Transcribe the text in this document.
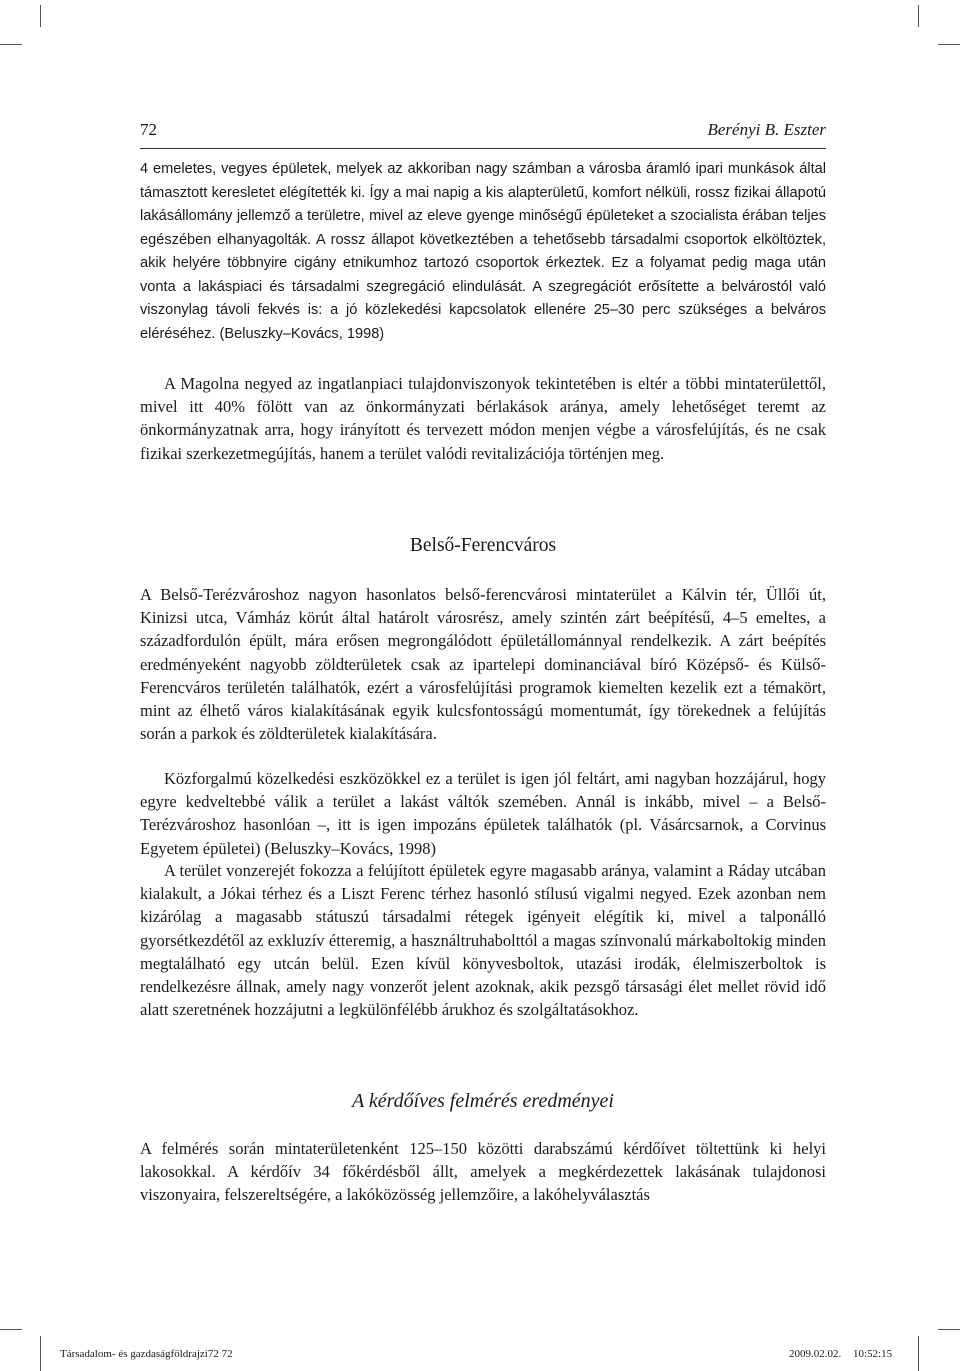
72	Berényi B. Eszter

4 emeletes, vegyes épületek, melyek az akkoriban nagy számban a városba áramló ipari munkások által támasztott keresletet elégítették ki. Így a mai napig a kis alapterületű, komfort nélküli, rossz fizikai állapotú lakásállomány jellemző a területre, mivel az eleve gyenge minőségű épületeket a szocialista érában teljes egészében elhanyagolták. A rossz állapot következtében a tehetősebb társadalmi csoportok elköltöztek, akik helyére többnyire cigány etnikumhoz tartozó csoportok érkeztek. Ez a folyamat pedig maga után vonta a lakáspiaci és társadalmi szegregáció elindulását. A szegregációt erősítette a belvárostól való viszonylag távoli fekvés is: a jó közlekedési kapcsolatok ellenére 25–30 perc szükséges a belváros eléréséhez. (Beluszky–Kovács, 1998)

A Magolna negyed az ingatlanpiaci tulajdonviszonyok tekintetében is eltér a többi mintaterülettől, mivel itt 40% fölött van az önkormányzati bérlakások aránya, amely lehetőséget teremt az önkormányzatnak arra, hogy irányított és tervezett módon menjen végbe a városfelújítás, és ne csak fizikai szerkezetmegújítás, hanem a terület valódi revitalizációja történjen meg.

Belső-Ferencváros

A Belső-Terézvároshoz nagyon hasonlatos belső-ferencvárosi mintaterület a Kálvin tér, Üllői út, Kinizsi utca, Vámház körút által határolt városrész, amely szintén zárt beépítésű, 4–5 emeltes, a századfordulón épült, mára erősen megrongálódott épületállománnyal rendelkezik. A zárt beépítés eredményeként nagyobb zöldterületek csak az ipartelepi dominanciával bíró Középső- és Külső-Ferencváros területén találhatók, ezért a városfelújítási programok kiemelten kezelik ezt a témakört, mint az élhető város kialakításának egyik kulcsfontosságú momentumát, így törekednek a felújítás során a parkok és zöldterületek kialakítására.

Közforgalmú közelkedési eszközökkel ez a terület is igen jól feltárt, ami nagyban hozzájárul, hogy egyre kedveltebbé válik a terület a lakást váltók szemében. Annál is inkább, mivel – a Belső-Terézvároshoz hasonlóan –, itt is igen impozáns épületek találhatók (pl. Vásárcsarnok, a Corvinus Egyetem épületei) (Beluszky–Kovács, 1998)

A terület vonzerejét fokozza a felújított épületek egyre magasabb aránya, valamint a Ráday utcában kialakult, a Jókai térhez és a Liszt Ferenc térhez hasonló stílusú vigalmi negyed. Ezek azonban nem kizárólag a magasabb státuszú társadalmi rétegek igényeit elégítik ki, mivel a talponálló gyorsétkezdétől az exkluzív étteremig, a használtruhabolttól a magas színvonalú márkaboltokig minden megtalálható egy utcán belül. Ezen kívül könyvesboltok, utazási irodák, élelmiszerboltok is rendelkezésre állnak, amely nagy vonzerőt jelent azoknak, akik pezsgő társasági élet mellet rövid idő alatt szeretnének hozzájutni a legkülönfélébb árukhoz és szolgáltatásokhoz.

A kérdőíves felmérés eredményei

A felmérés során mintaterületenként 125–150 közötti darabszámú kérdőívet töltettünk ki helyi lakosokkal. A kérdőív 34 főkérdésből állt, amelyek a megkérdezettek lakásának tulajdonosi viszonyaira, felszereltségére, a lakóközösség jellemzőire, a lakóhelyválasztás

Társadalom- és gazdaságföldrajzi72 72	2009.02.02. 10:52:15
